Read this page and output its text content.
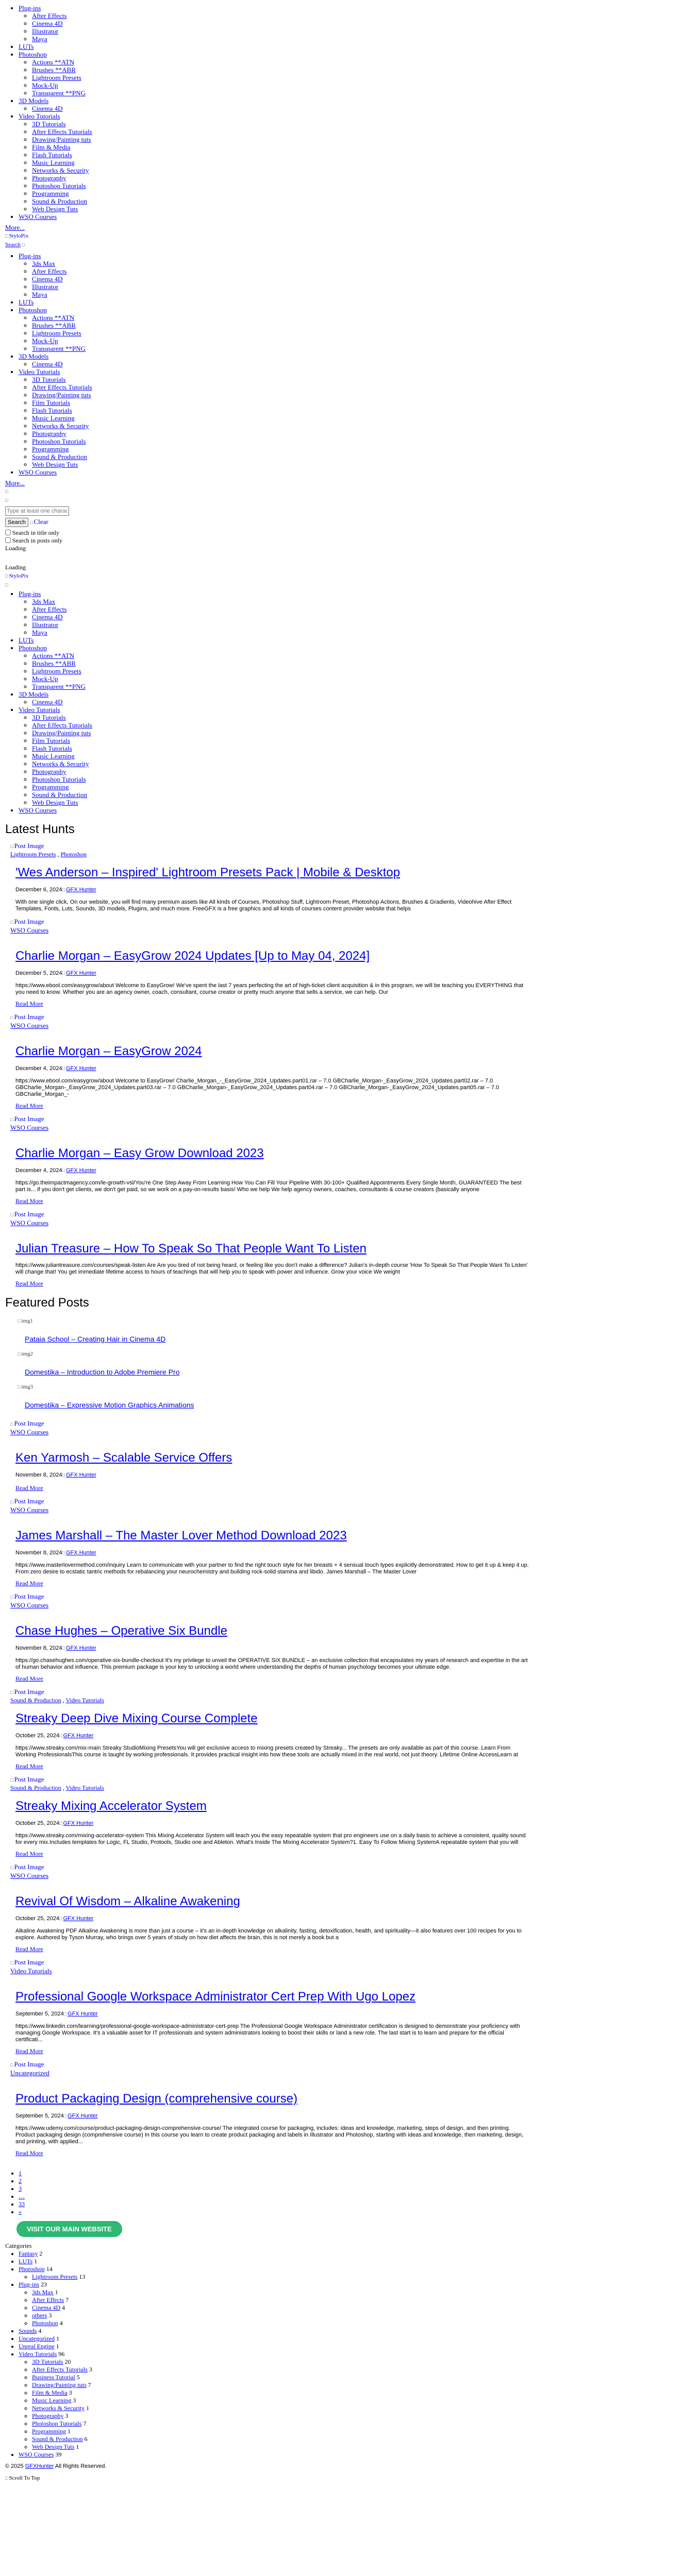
• Plug-ins
◦ After Effects
◦ Cinema 4D
◦ Illustrator
◦ Maya
• LUTs
• Photoshop
◦ Actions **ATN
◦ Brushes **ABR
◦ Lightroom Presets
◦ Mock-Up
◦ Transparent **PNG
• 3D Models
◦ Cinema 4D
• Video Tutorials
◦ 3D Tutorials
◦ After Effects Tutorials
◦ Drawing/Painting tuts
◦ Film & Media
◦ Flash Tutorials
◦ Music Learning
◦ Networks & Security
◦ Photography
◦ Photoshop Tutorials
◦ Programming
◦ Sound & Production
◦ Web Design Tuts
• WSO Courses
More...
□ StyloPix
Search □
• Plug-ins
◦ 3ds Max
◦ After Effects
◦ Cinema 4D
◦ Illustrator
◦ Maya
• LUTs
• Photoshop
◦ Actions **ATN
◦ Brushes **ABR
◦ Lightroom Presets
◦ Mock-Up
◦ Transparent **PNG
• 3D Models
◦ Cinema 4D
• Video Tutorials
◦ 3D Tutorials
◦ After Effects Tutorials
◦ Drawing/Painting tuts
◦ Film Tutorials
◦ Flash Tutorials
◦ Music Learning
◦ Networks & Security
◦ Photography
◦ Photoshop Tutorials
◦ Programming
◦ Sound & Production
◦ Web Design Tuts
• WSO Courses
More...
□
□
Type at least one character
Search □ Clear
Search in title only
Search in posts only
Loading
Loading
□ StyloPix
□
• Plug-ins
◦ 3ds Max
◦ After Effects
◦ Cinema 4D
◦ Illustrator
◦ Maya
• LUTs
• Photoshop
◦ Actions **ATN
◦ Brushes **ABR
◦ Lightroom Presets
◦ Mock-Up
◦ Transparent **PNG
• 3D Models
◦ Cinema 4D
• Video Tutorials
◦ 3D Tutorials
◦ After Effects Tutorials
◦ Drawing/Painting tuts
◦ Film Tutorials
◦ Flash Tutorials
◦ Music Learning
◦ Networks & Security
◦ Photography
◦ Photoshop Tutorials
◦ Programming
◦ Sound & Production
◦ Web Design Tuts
• WSO Courses
Latest Hunts
□ Post Image

Lightroom Presets , Photoshop
'Wes Anderson – Inspired' Lightroom Presets Pack | Mobile & Desktop
December 6, 2024 □ GFX Hunter
With one single click, On our website, you will find many premium assets like All kinds of Courses, Photoshop Stuff, Lightroom Preset, Photoshop Actions, Brushes & Gradients, Videohive After Effect Templates, Fonts, Luts, Sounds, 3D models, Plugins, and much more. FreeGFX is a free graphics and all kinds of courses content provider website that helps
□ Post Image

WSO Courses

Charlie Morgan – EasyGrow 2024 Updates [Up to May 04, 2024]
December 5, 2024 □ GFX Hunter
https://www.ebool.com/easygrow/about Welcome to EasyGrow! We've spent the last 7 years perfecting the art of high-ticket client acquisition & in this program, we will be teaching you EVERYTHING that you need to know. Whether you are an agency owner, coach, consultant, course creator or pretty much anyone that sells a service, we can help. Our
Read More
□ Post Image

WSO Courses

Charlie Morgan – EasyGrow 2024
December 4, 2024 □ GFX Hunter
https://www.ebool.com/easygrow/about Welcome to EasyGrow! Charlie_Morgan_-_EasyGrow_2024_Updates.part01.rar – 7.0 GBCharlie_Morgan-_EasyGrow_2024_Updates.part02.rar – 7.0 GBCharlie_Morgan-_EasyGrow_2024_Updates.part03.rar – 7.0 GBCharlie_Morgan-_EasyGrow_2024_Updates.part04.rar – 7.0 GBCharlie_Morgan-_EasyGrow_2024_Updates.part05.rar – 7.0 GBCharlie_Morgan_-
Read More
□ Post Image

WSO Courses

Charlie Morgan – Easy Grow Download 2023
December 4, 2024 □ GFX Hunter
https://go.theimpactmagency.com/le-growth-vsl/You're One Step Away From Learning How You Can Fill Your Pipeline With 30-100+ Qualified Appointments Every Single Month, GUARANTEED The best part is... if you don't get clients, we don't get paid, so we work on a pay-on-results basis! Who we help We help agency owners, coaches, consultants & course creators (basically anyone
Read More
□ Post Image

WSO Courses

Julian Treasure – How To Speak So That People Want To Listen
https://www.juliantreasure.com/courses/speak-listen Are Are you tired of not being heard, or feeling like you don't make a difference? Julian's in-depth course 'How To Speak So That People Want To Listen' will change that! You get immediate lifetime access to hours of teachings that will help you to speak with power and influence. Grow your voice We weight
Read More
Featured Posts
□ img1
Pataia School – Creating Hair in Cinema 4D
□ img2
Domestika – Introduction to Adobe Premiere Pro
□ img3
Domestika – Expressive Motion Graphics Animations
□ Post Image

WSO Courses

Ken Yarmosh – Scalable Service Offers
November 8, 2024 □ GFX Hunter
Read More
□ Post Image

WSO Courses

James Marshall – The Master Lover Method Download 2023
November 8, 2024 □ GFX Hunter
https://www.masterlovermethod.com/inquiry Learn to communicate with your partner to find the right touch style for her breasts + 4 sensual touch types explicitly demonstrated. How to get it up & keep it up. From zero desire to ecstatic tantric methods for rebalancing your neurochemistry and building rock-solid stamina and libido. James Marshall – The Master Lover
Read More
□ Post Image

WSO Courses

Chase Hughes – Operative Six Bundle
November 8, 2024 □ GFX Hunter
https://go.chasehughes.com/operative-six-bundle-checkout It's my privilege to unveil the OPERATIVE SIX BUNDLE – an exclusive collection that encapsulates my years of research and expertise in the art of human behavior and influence. This premium package is your key to unlocking a world where understanding the depths of human psychology becomes your ultimate edge.
Read More
□ Post Image

Sound & Production , Video Tutorials
Streaky Deep Dive Mixing Course Complete
October 25, 2024 □ GFX Hunter
https://www.streaky.com/mix-main Streaky StudioMixing PresetsYou will get exclusive access to mixing presets created by Streaky... The presets are only available as part of this course. Learn From Working ProfessionalsThis course is taught by working professionals. It provides practical insight into how these tools are actually mixed in the real world, not just theory. Lifetime Online AccessLearn at
Read More
□ Post Image

Sound & Production , Video Tutorials
Streaky Mixing Accelerator System
October 25, 2024 □ GFX Hunter
https://www.streaky.com/mixing-accelerator-system This Mixing Accelerator System will teach you the easy repeatable system that pro engineers use on a daily basis to achieve a consistent, quality sound for every mix.Includes templates for Logic, FL Studio, Protools, Studio one and Ableton. What's Inside The Mixing Accelerator System?1. Easy To Follow Mixing SystemA repeatable system that you will
Read More
□ Post Image

WSO Courses

Revival Of Wisdom – Alkaline Awakening
October 25, 2024 □ GFX Hunter
Alkaline Awakening PDF Alkaline Awakening is more than just a course – it's an in-depth knowledge on alkalinity, fasting, detoxification, health, and spirituality—it also features over 100 recipes for you to explore. Authored by Tyson Murray, who brings over 5 years of study on how diet affects the brain, this is not merely a book but a
Read More
□ Post Image

Video Tutorials

Professional Google Workspace Administrator Cert Prep With Ugo Lopez
September 5, 2024 □ GFX Hunter
https://www.linkedin.com/learning/professional-google-workspace-administrator-cert-prep The Professional Google Workspace Administrator certification is designed to demonstrate your proficiency with managing Google Workspace. It's a valuable asset for IT professionals and system administrators looking to boost their skills or land a new role. The last start is to learn and prepare for the official certificati...
Read More
□ Post Image

Uncategorized

Product Packaging Design (comprehensive course)
September 5, 2024 □ GFX Hunter
https://www.udemy.com/course/product-packaging-design-comprehensive-course/ The integrated course for packaging, includes: ideas and knowledge, marketing, steps of design, and then printing. Product packaging design (comprehensive course) In this course you learn to create product packaging and labels in Illustrator and Photoshop, starting with ideas and knowledge, then marketing, design, and printing, with applied...
Read More
• 1
• 2
• 3
• …
• 33
• »
VISIT OUR MAIN WEBSITE
Categories
• Fantasy 2
• LUTs 1
• Photoshop 14
◦ Lightroom Presets 13
• Plug-ins 23
◦ 3ds Max 1
◦ After Effects 7
◦ Cinema 4D 4
◦ others 3
◦ Photoshop 4
• Sounds 4
• Uncategorized 1
• Unreal Engine 1
• Video Tutorials 96
◦ 3D Tutorials 20
◦ After Effects Tutorials 3
◦ Business Tutorial 5
◦ Drawing/Painting tuts 7
◦ Film & Media 3
◦ Music Learning 3
◦ Networks & Security 1
◦ Photography 3
◦ Photoshop Tutorials 7
◦ Programming 1
◦ Sound & Production 6
◦ Web Design Tuts 1
• WSO Courses 39
© 2025 GFXHunter All Rights Reserved.
□Scroll To Top
